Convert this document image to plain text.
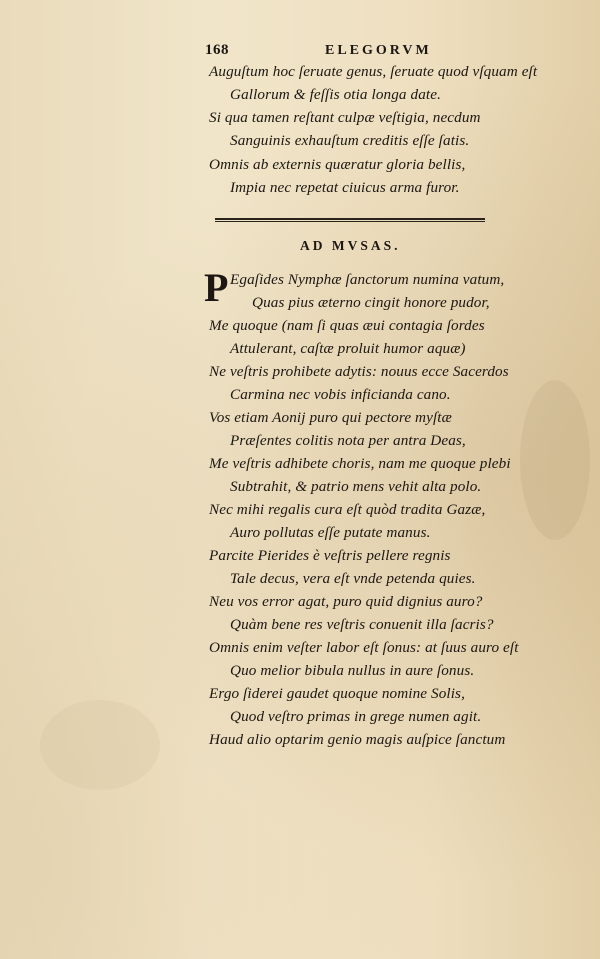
168	ELEGORVM

Auguſtum hoc ſeruate genus, ſeruate quod vſquam eſt

Gallorum & feſſis otia longa date.

Si qua tamen reſtant culpæ veſtigia, necdum

Sanguinis exhauſtum creditis eſſe ſatis.

Omnis ab externis quæratur gloria bellis,

Impia nec repetat ciuicus arma furor.

AD MVSAS.
P Egaſides Nymphæ ſanctorum numina vatum,

Quas pius æterno cingit honore pudor,

Me quoque (nam ſi quas æui contagia ſordes

Attulerant, caſtæ proluit humor aquæ)

Ne veſtris prohibete adytis: nouus ecce Sacerdos

Carmina nec vobis inficianda cano.

Vos etiam Aonij puro qui pectore myſtæ

Præſentes colitis nota per antra Deas,

Me veſtris adhibete choris, nam me quoque plebi

Subtrahit, & patrio mens vehit alta polo.

Nec mihi regalis cura eſt quòd tradita Gazæ,

Auro pollutas eſſe putate manus.

Parcite Pierides è veſtris pellere regnis

Tale decus, vera eſt vnde petenda quies.

Neu vos error agat, puro quid dignius auro?

Quàm bene res veſtris conuenit illa ſacris?

Omnis enim veſter labor eſt ſonus: at ſuus auro eſt

Quo melior bibula nullus in aure ſonus.

Ergo ſiderei gaudet quoque nomine Solis,

Quod veſtro primas in grege numen agit.

Haud alio optarim genio magis auſpice ſanctum
